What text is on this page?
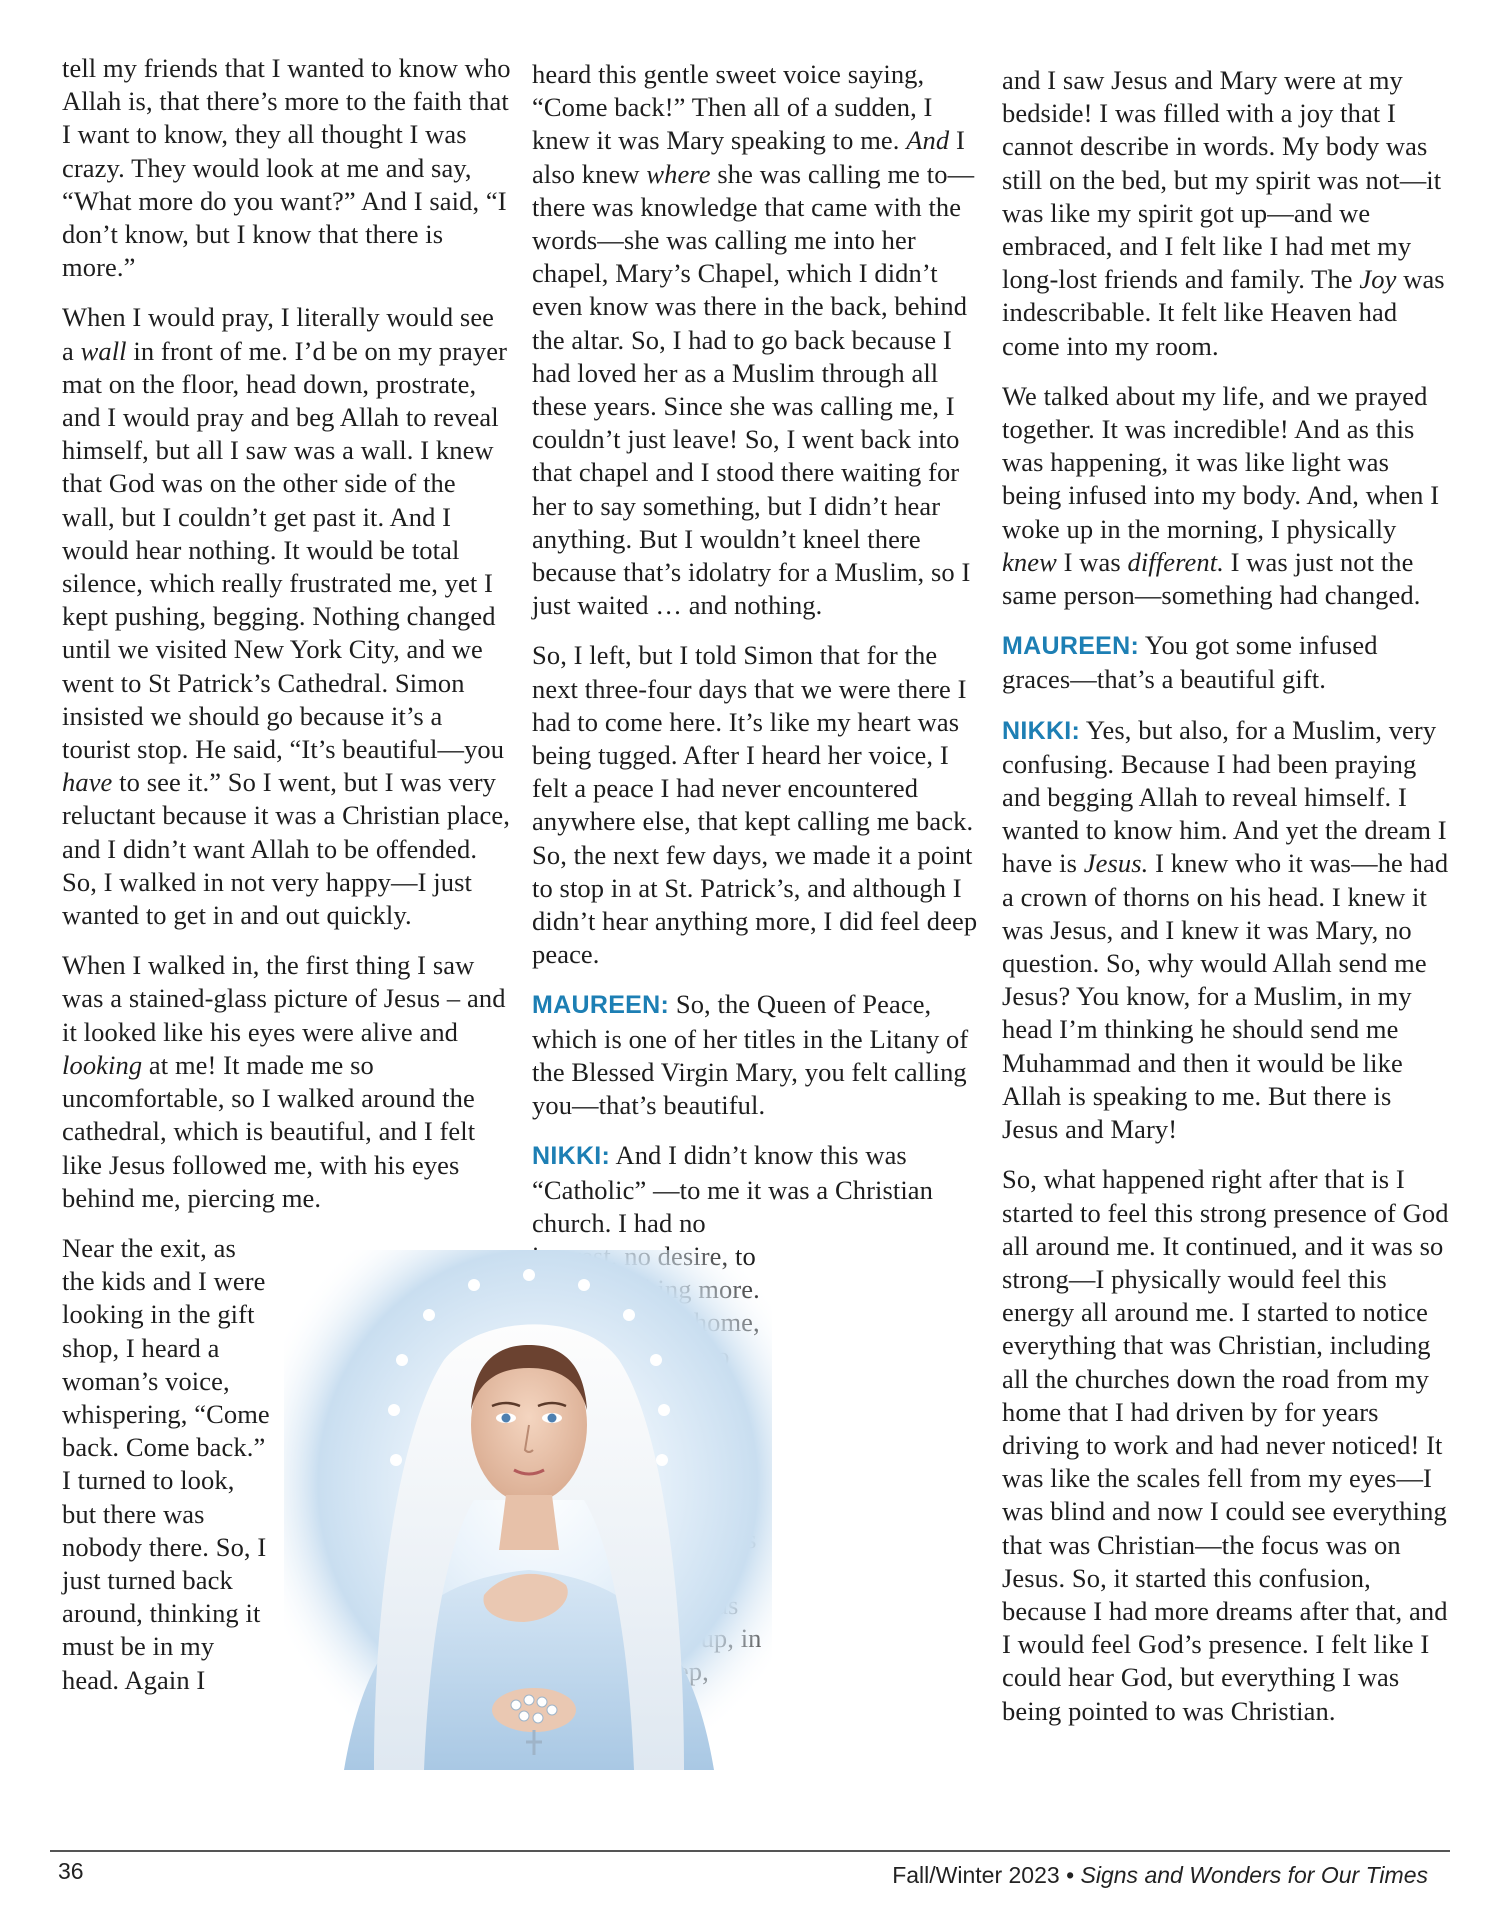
tell my friends that I wanted to know who Allah is, that there’s more to the faith that I want to know, they all thought I was crazy. They would look at me and say, “What more do you want?” And I said, “I don’t know, but I know that there is more.”

When I would pray, I literally would see a wall in front of me. I’d be on my prayer mat on the floor, head down, prostrate, and I would pray and beg Allah to reveal himself, but all I saw was a wall. I knew that God was on the other side of the wall, but I couldn’t get past it. And I would hear nothing. It would be total silence, which really frustrated me, yet I kept pushing, begging. Nothing changed until we visited New York City, and we went to St Patrick’s Cathedral. Simon insisted we should go because it’s a tourist stop. He said, “It’s beautiful—you have to see it.” So I went, but I was very reluctant because it was a Christian place, and I didn’t want Allah to be offended. So, I walked in not very happy—I just wanted to get in and out quickly.

When I walked in, the first thing I saw was a stained-glass picture of Jesus – and it looked like his eyes were alive and looking at me! It made me so uncomfortable, so I walked around the cathedral, which is beautiful, and I felt like Jesus followed me, with his eyes behind me, piercing me.

Near the exit, as the kids and I were looking in the gift shop, I heard a woman’s voice, whispering, “Come back. Come back.” I turned to look, but there was nobody there. So, I just turned back around, thinking it must be in my head. Again I

heard this gentle sweet voice saying, “Come back!” Then all of a sudden, I knew it was Mary speaking to me. And I also knew where she was calling me to—there was knowledge that came with the words—she was calling me into her chapel, Mary’s Chapel, which I didn’t even know was there in the back, behind the altar. So, I had to go back because I had loved her as a Muslim through all these years. Since she was calling me, I couldn’t just leave! So, I went back into that chapel and I stood there waiting for her to say something, but I didn’t hear anything. But I wouldn’t kneel there because that’s idolatry for a Muslim, so I just waited … and nothing.

So, I left, but I told Simon that for the next three-four days that we were there I had to come here. It’s like my heart was being tugged. After I heard her voice, I felt a peace I had never encountered anywhere else, that kept calling me back. So, the next few days, we made it a point to stop in at St. Patrick’s, and although I didn’t hear anything more, I did feel deep peace.

MAUREEN: So, the Queen of Peace, which is one of her titles in the Litany of the Blessed Virgin Mary, you felt calling you—that’s beautiful.

NIKKI: And I didn’t know this was “Catholic” —to me it was a Christian

church. I had no

and I saw Jesus and Mary were at my bedside! I was filled with a joy that I cannot describe in words. My body was still on the bed, but my spirit was not—it was like my spirit got up—and we embraced, and I felt like I had met my long-lost friends and family. The Joy was indescribable. It felt like Heaven had come into my room.

We talked about my life, and we prayed together. It was incredible! And as this was happening, it was like light was being infused into my body. And, when I woke up in the morning, I physically knew I was different. I was just not the same person—something had changed.

MAUREEN: You got some infused graces—that’s a beautiful gift.

NIKKI: Yes, but also, for a Muslim, very confusing. Because I had been praying and begging Allah to reveal himself. I wanted to know him. And yet the dream I have is Jesus. I knew who it was—he had a crown of thorns on his head. I knew it was Jesus, and I knew it was Mary, no question. So, why would Allah send me Jesus? You know, for a Muslim, in my head I’m thinking he should send me Muhammad and then it would be like Allah is speaking to me. But there is Jesus and Mary!

So, what happened right after that is I started to feel this strong presence of God all around me. It continued, and it was so strong—I physically would feel this energy all around me. I started to notice everything that was Christian, including all the churches down the road from my home that I had driven by for years driving to work and had never noticed! It was like the scales fell from my eyes—I was blind and now I could see everything that was Christian—the focus was on Jesus. So, it started this confusion, because I had more dreams after that, and I would feel God’s presence. I felt like I could hear God, but everything I was being pointed to was Christian.

36	Fall/Winter 2023 • Signs and Wonders for Our Times
